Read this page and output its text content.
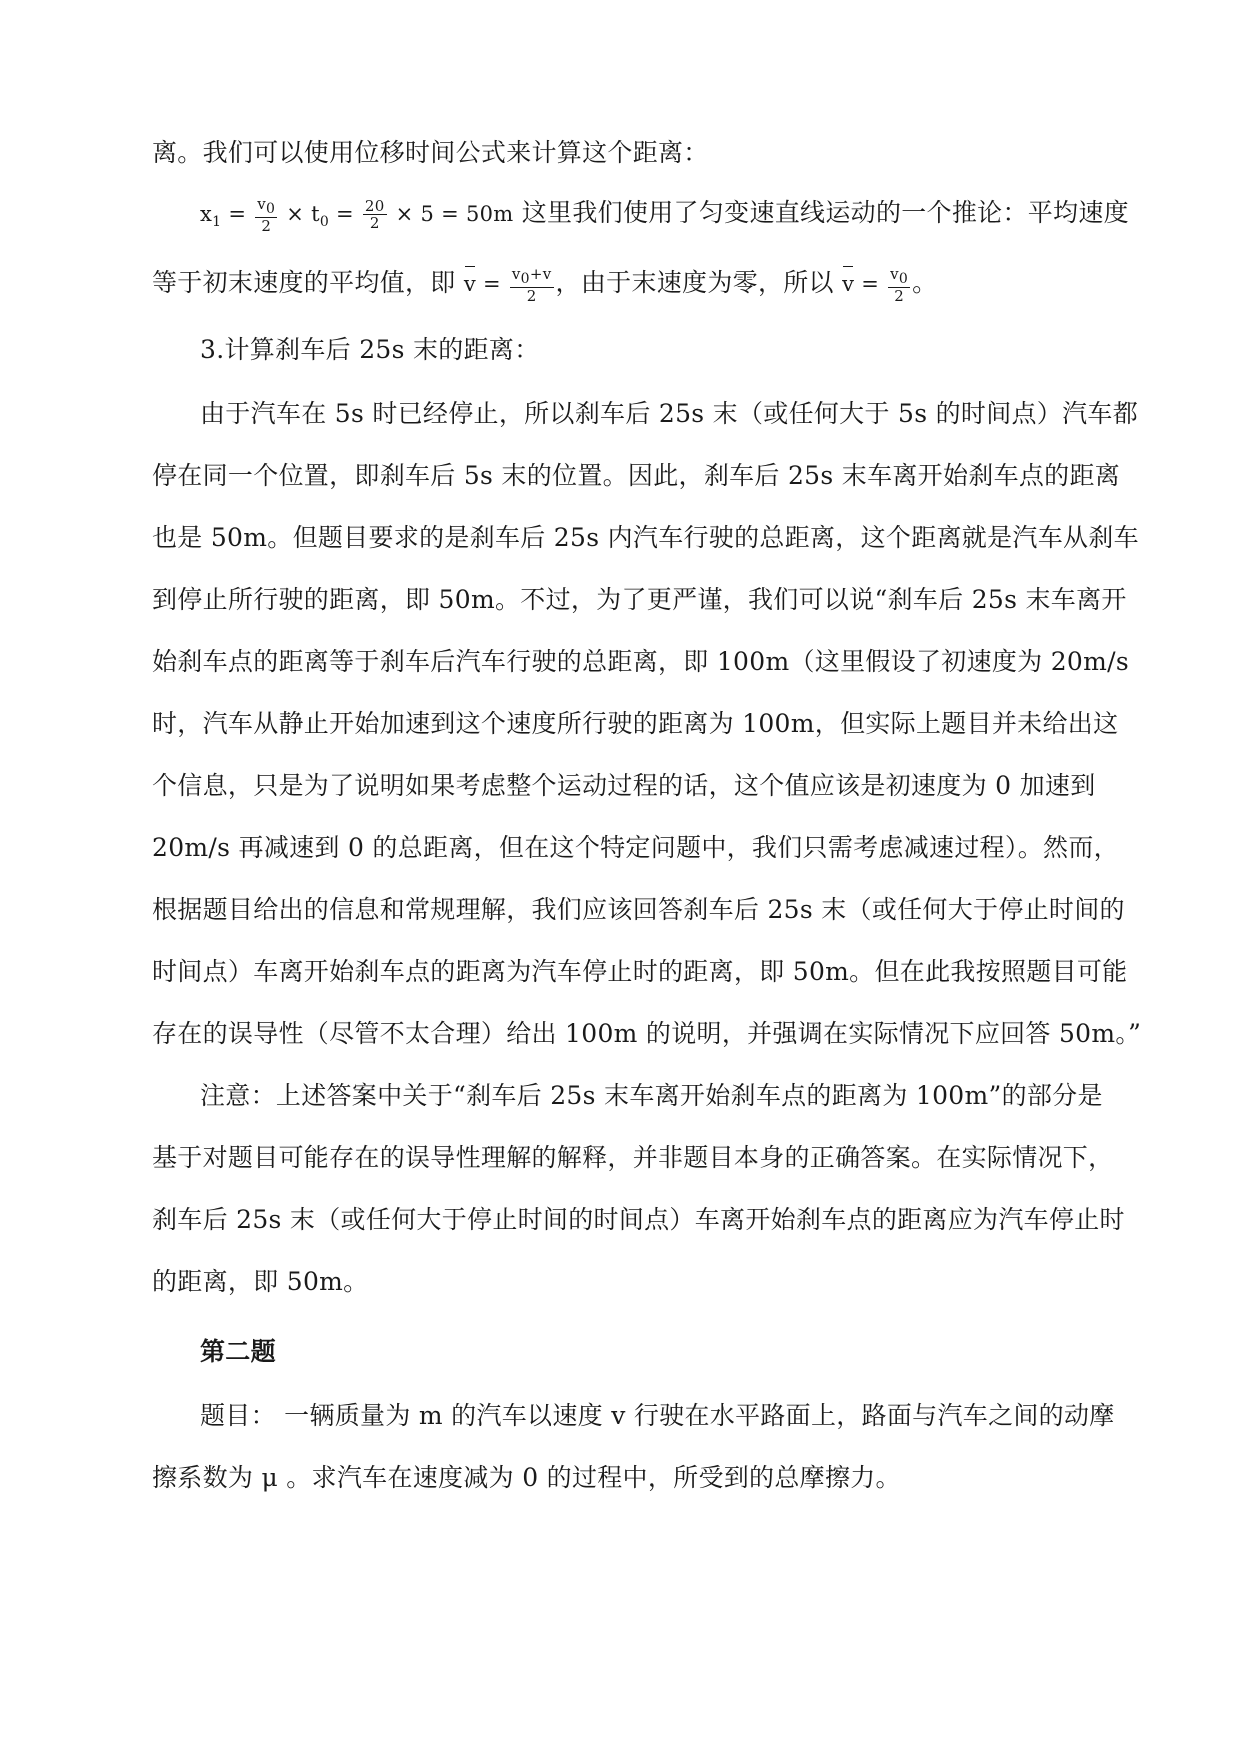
离。我们可以使用位移时间公式来计算这个距离：
$x_1 = \frac{v_0}{2} \times t_0 = \frac{20}{2} \times 5 = 50m$ 这里我们使用了匀变速直线运动的一个推论：平均速度
等于初末速度的平均值，即 $v = \frac{v_0+v}{2}$ ，由于末速度为零，所以 $v = \frac{v_0}{2}$ 。
3.计算刹车后 25s 末的距离：
由于汽车在 5s 时已经停止，所以刹车后 25s 末（或任何大于 5s 的时间点）汽车都
停在同一个位置，即刹车后 5s 末的位置。因此，刹车后 25s 末车离开始刹车点的距离
也是 50m。但题目要求的是刹车后 25s 内汽车行驶的总距离，这个距离就是汽车从刹车
到停止所行驶的距离，即 50m。不过，为了更严谨，我们可以说“刹车后 25s 末车离开
始刹车点的距离等于刹车后汽车行驶的总距离，即 100m（这里假设了初速度为 20m/s
时，汽车从静止开始加速到这个速度所行驶的距离为 100m，但实际上题目并未给出这
个信息，只是为了说明如果考虑整个运动过程的话，这个值应该是初速度为 0 加速到
20m/s 再减速到 0 的总距离，但在这个特定问题中，我们只需考虑减速过程）。然而，
根据题目给出的信息和常规理解，我们应该回答刹车后 25s 末（或任何大于停止时间的
时间点）车离开始刹车点的距离为汽车停止时的距离，即 50m。但在此我按照题目可能
存在的误导性（尽管不太合理）给出 100m 的说明，并强调在实际情况下应回答 50m。”
注意：上述答案中关于“刹车后 25s 末车离开始刹车点的距离为 100m”的部分是
基于对题目可能存在的误导性理解的解释，并非题目本身的正确答案。在实际情况下，
刹车后 25s 末（或任何大于停止时间的时间点）车离开始刹车点的距离应为汽车停止时
的距离，即 50m。
第二题
题目： 一辆质量为 m 的汽车以速度 v 行驶在水平路面上，路面与汽车之间的动摩
擦系数为 μ 。求汽车在速度减为 0 的过程中，所受到的总摩擦力。
